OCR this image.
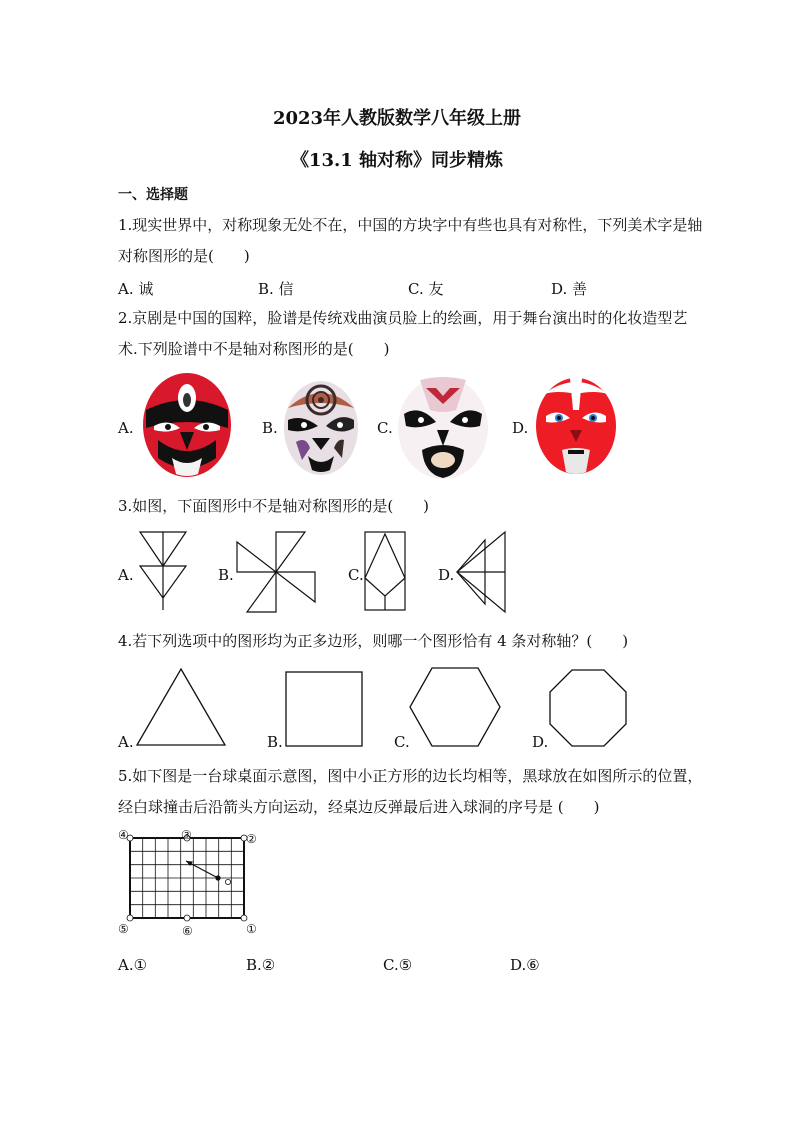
2023年人教版数学八年级上册
《13.1 轴对称》同步精炼
一、选择题
1.现实世界中，对称现象无处不在，中国的方块字中有些也具有对称性，下列美术字是轴对称图形的是(　　)
A. 诚	B. 信	C. 友	D. 善
2.京剧是中国的国粹，脸谱是传统戏曲演员脸上的绘画，用于舞台演出时的化妆造型艺术.下列脸谱中不是轴对称图形的是(　　)
A.	B.	C.	D.
3.如图，下面图形中不是轴对称图形的是(　　)
A.	B.	C.	D.
4.若下列选项中的图形均为正多边形，则哪一个图形恰有 4 条对称轴？(　　)
A.	B.	C.	D.
5.如下图是一台球桌面示意图，图中小正方形的边长均相等，黑球放在如图所示的位置，经白球撞击后沿箭头方向运动，经桌边反弹最后进入球洞的序号是 (　　)
④	③	②
⑤	⑥	①
A.①	B.②	C.⑤	D.⑥
